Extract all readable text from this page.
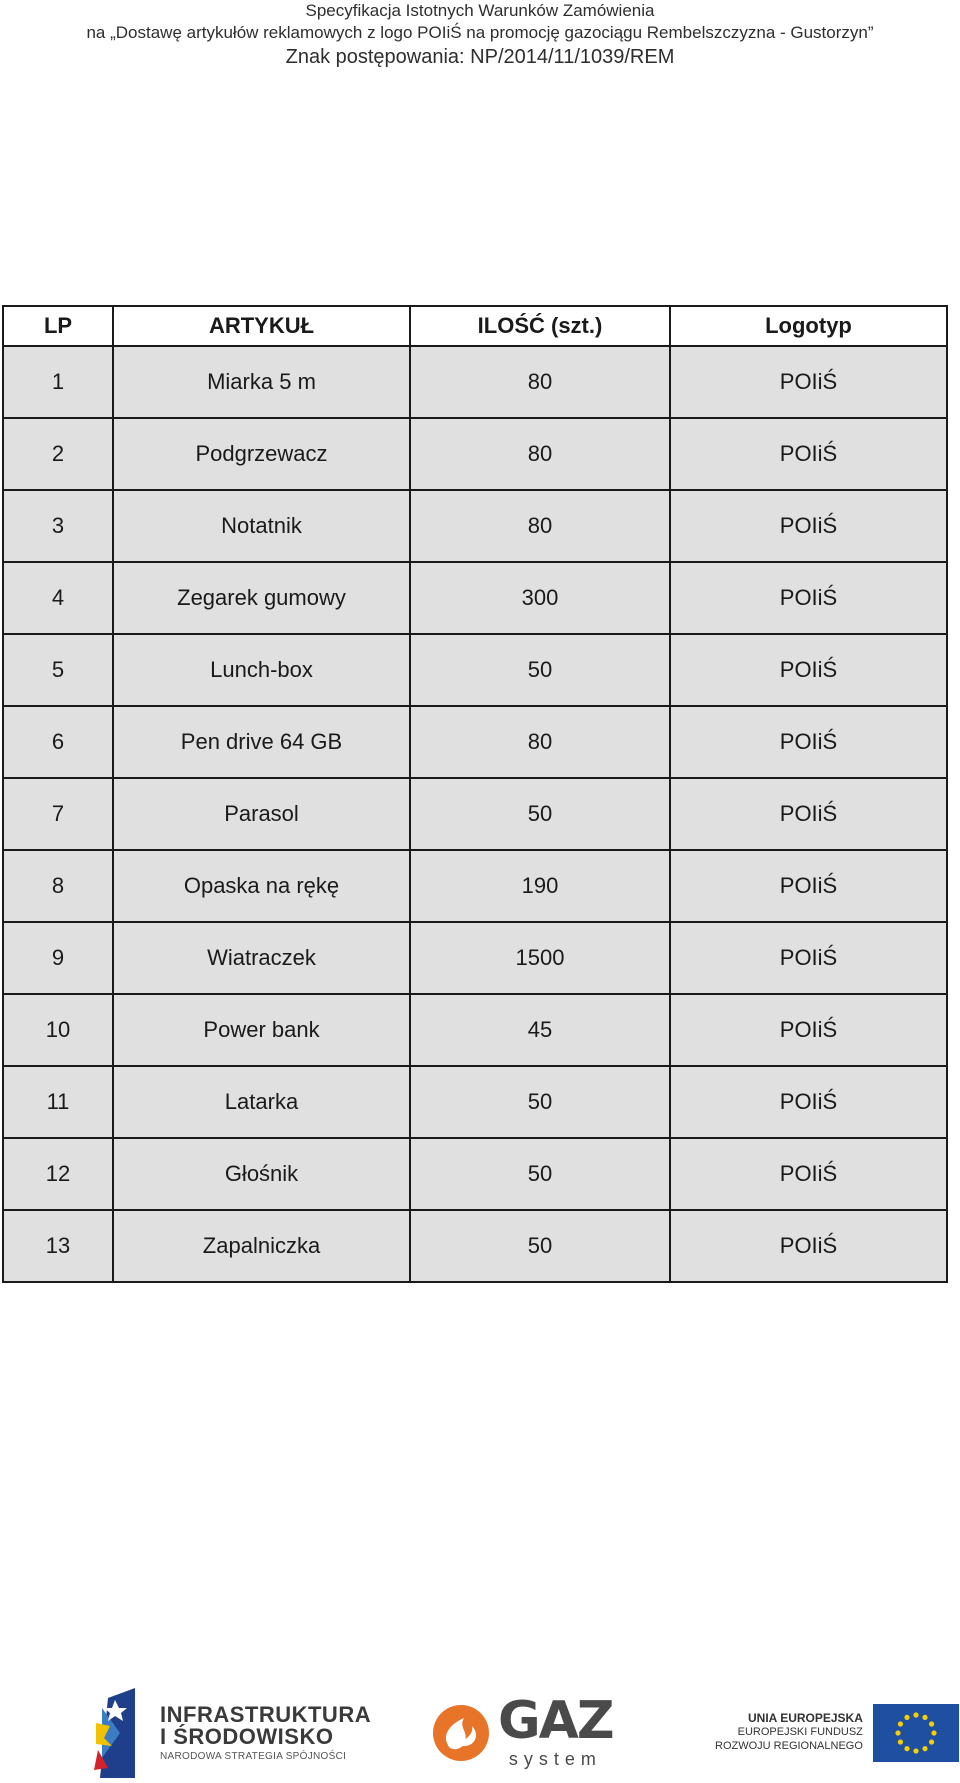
Specyfikacja Istotnych Warunków Zamówienia
na „Dostawę artykułów reklamowych z logo POIiŚ na promocję gazociągu Rembelszczyzna - Gustorzyn”
Znak postępowania: NP/2014/11/1039/REM
LP	ARTYKUŁ	ILOŚĆ (szt.)	Logotyp
1	Miarka 5 m	80	POIiŚ
2	Podgrzewacz	80	POIiŚ
3	Notatnik	80	POIiŚ
4	Zegarek gumowy	300	POIiŚ
5	Lunch-box	50	POIiŚ
6	Pen drive 64 GB	80	POIiŚ
7	Parasol	50	POIiŚ
8	Opaska na rękę	190	POIiŚ
9	Wiatraczek	1500	POIiŚ
10	Power bank	45	POIiŚ
11	Latarka	50	POIiŚ
12	Głośnik	50	POIiŚ
13	Zapalniczka	50	POIiŚ
INFRASTRUKTURA
I ŚRODOWISKO
NARODOWA STRATEGIA SPÓJNOŚCI
GAZ
system
UNIA EUROPEJSKA
EUROPEJSKI FUNDUSZ
ROZWOJU REGIONALNEGO
